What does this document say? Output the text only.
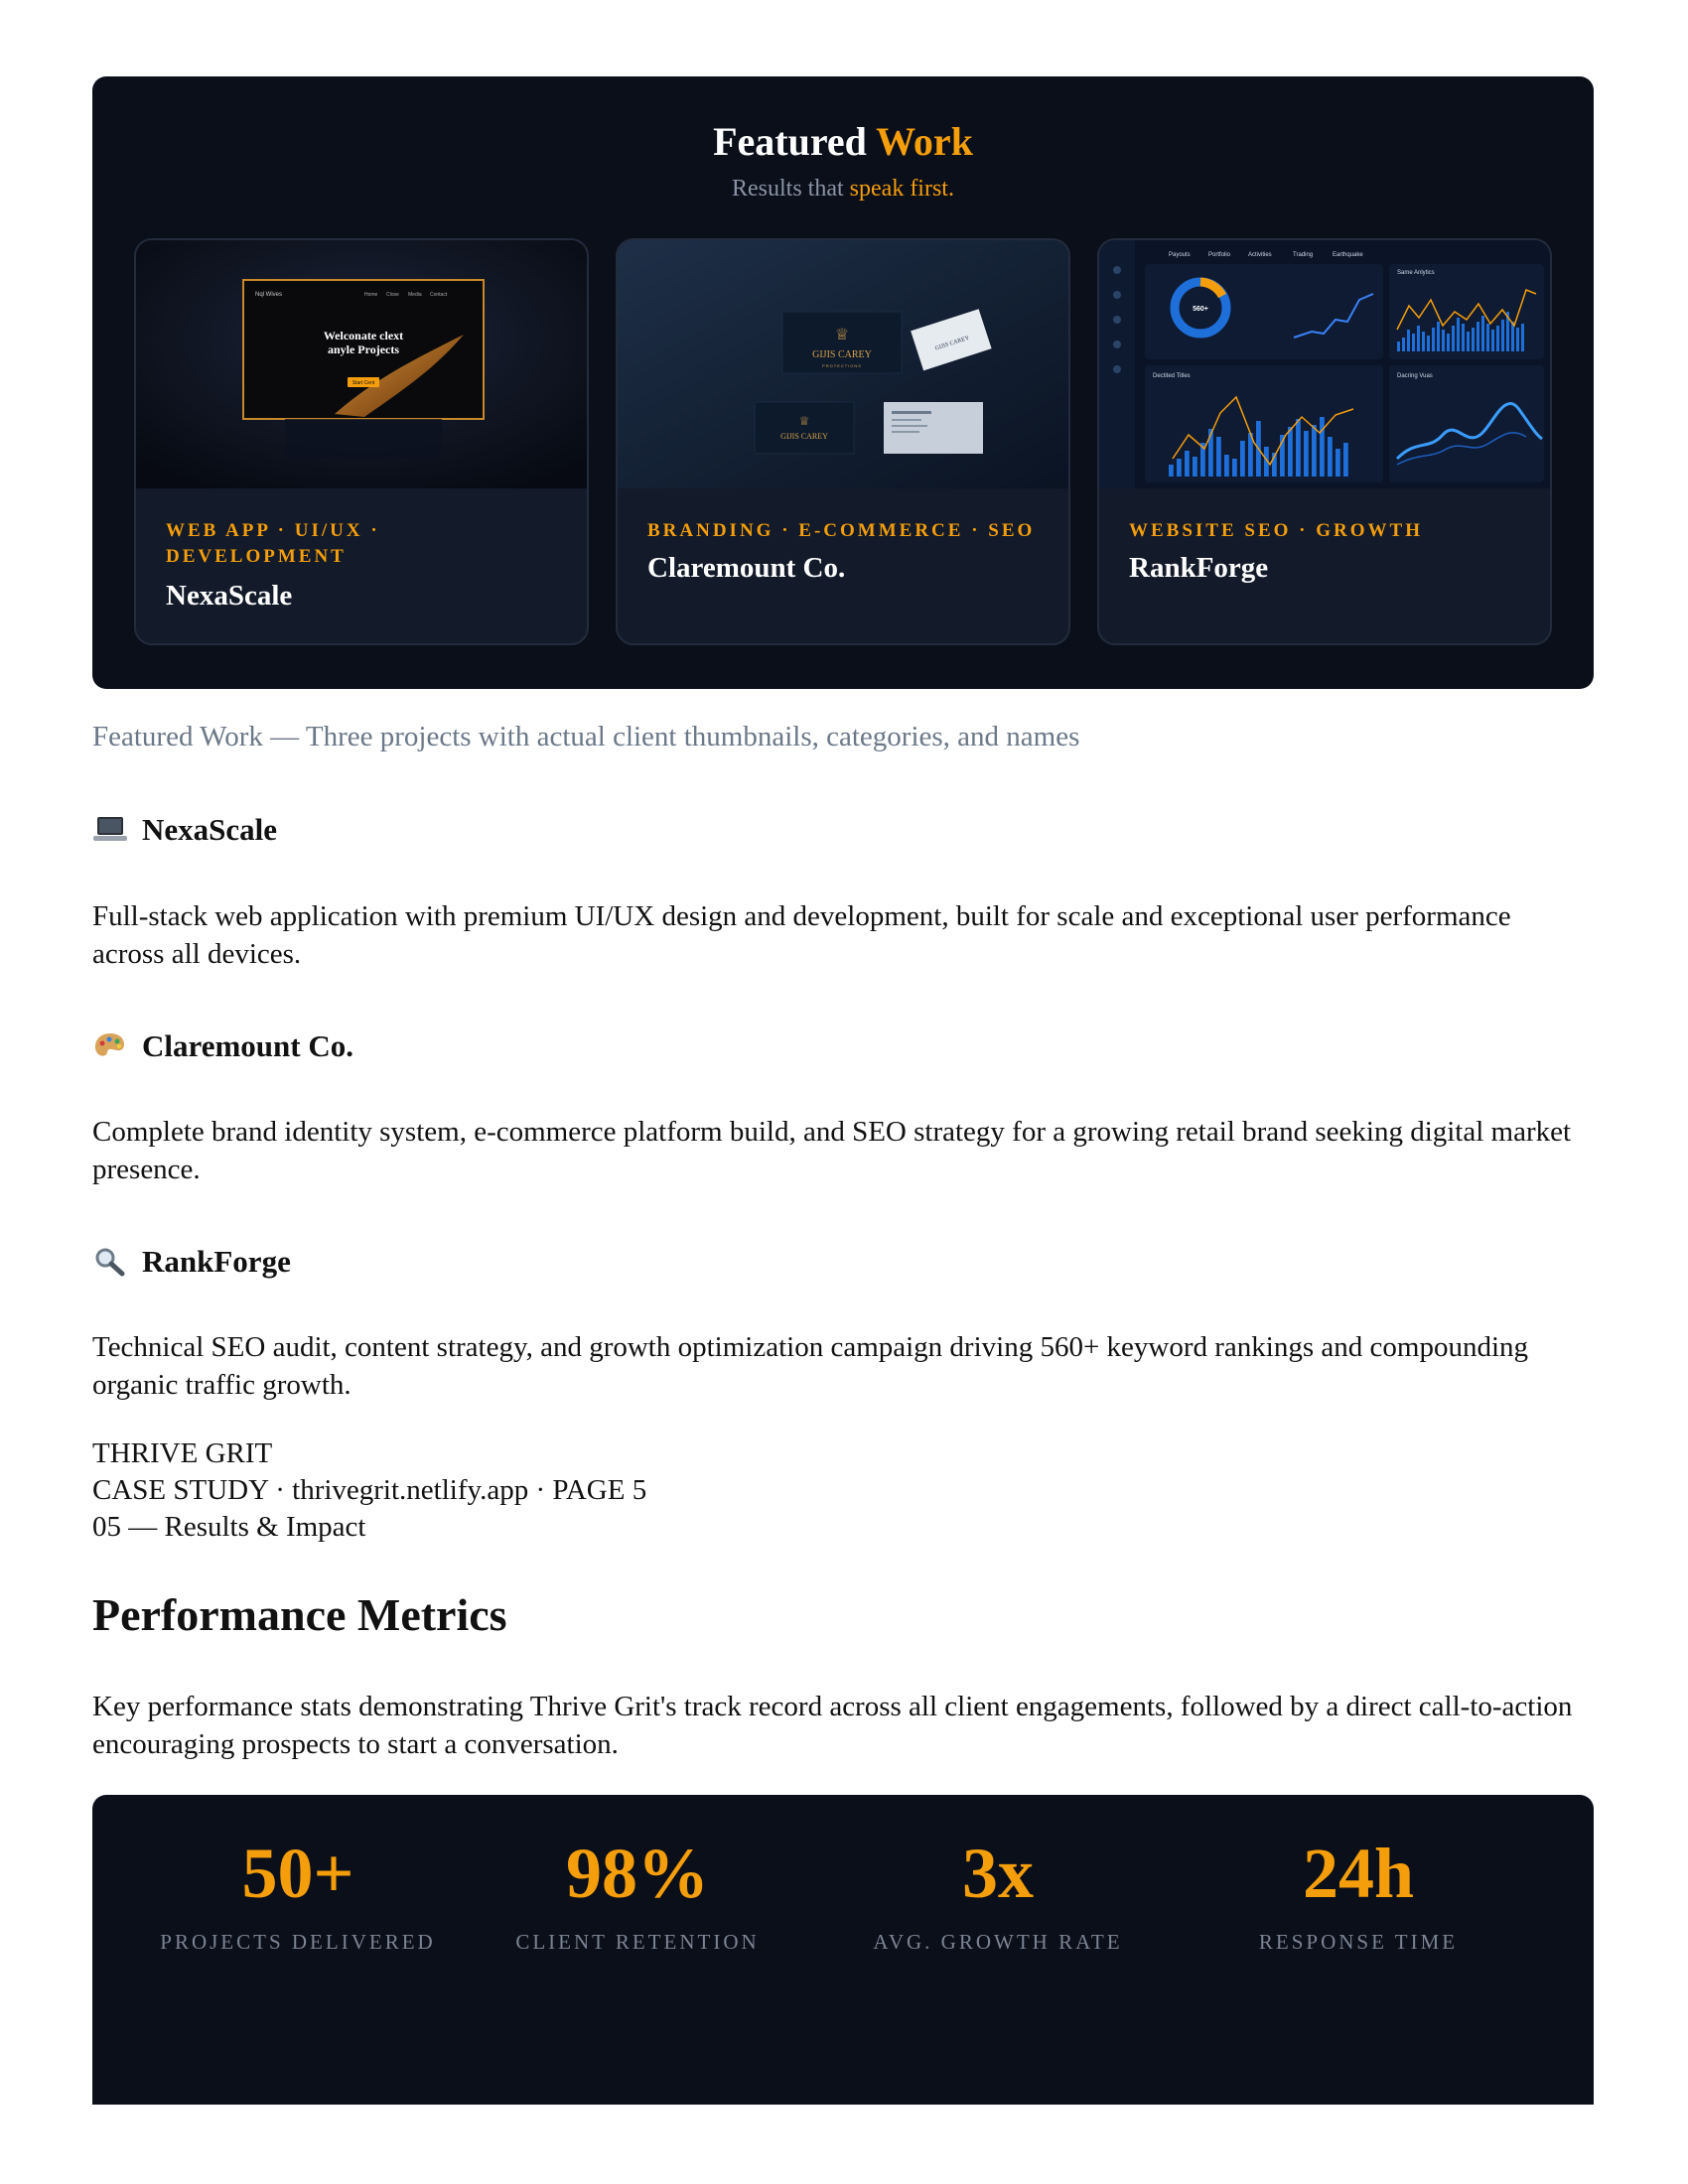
Featured Work
Results that speak first.
Nql Wives	Home Close Media Contact
Welconate clext
anyle Projects
Start Cent
WEB APP · UI/UX · DEVELOPMENT
NexaScale
♕
GIJIS CAREY
PROTECTIONS
GIJIS CAREY
♕
GIJIS CAREY
BRANDING · E-COMMERCE · SEO
Claremount Co.
Payouts	Portfolio	Activities	Trading	Earthquake
560+
Same Anlytics
Dectited Titles	Dacring Vuas
WEBSITE SEO · GROWTH
RankForge
Featured Work — Three projects with actual client thumbnails, categories, and names
NexaScale
Full-stack web application with premium UI/UX design and development, built for scale and exceptional user performance across all devices.
Claremount Co.
Complete brand identity system, e-commerce platform build, and SEO strategy for a growing retail brand seeking digital market presence.
RankForge
Technical SEO audit, content strategy, and growth optimization campaign driving 560+ keyword rankings and compounding organic traffic growth.
THRIVE GRIT
CASE STUDY · thrivegrit.netlify.app · PAGE 5
05 — Results & Impact
Performance Metrics
Key performance stats demonstrating Thrive Grit's track record across all client engagements, followed by a direct call-to-action encouraging prospects to start a conversation.
50+
PROJECTS DELIVERED
98%
CLIENT RETENTION
3x
AVG. GROWTH RATE
24h
RESPONSE TIME
